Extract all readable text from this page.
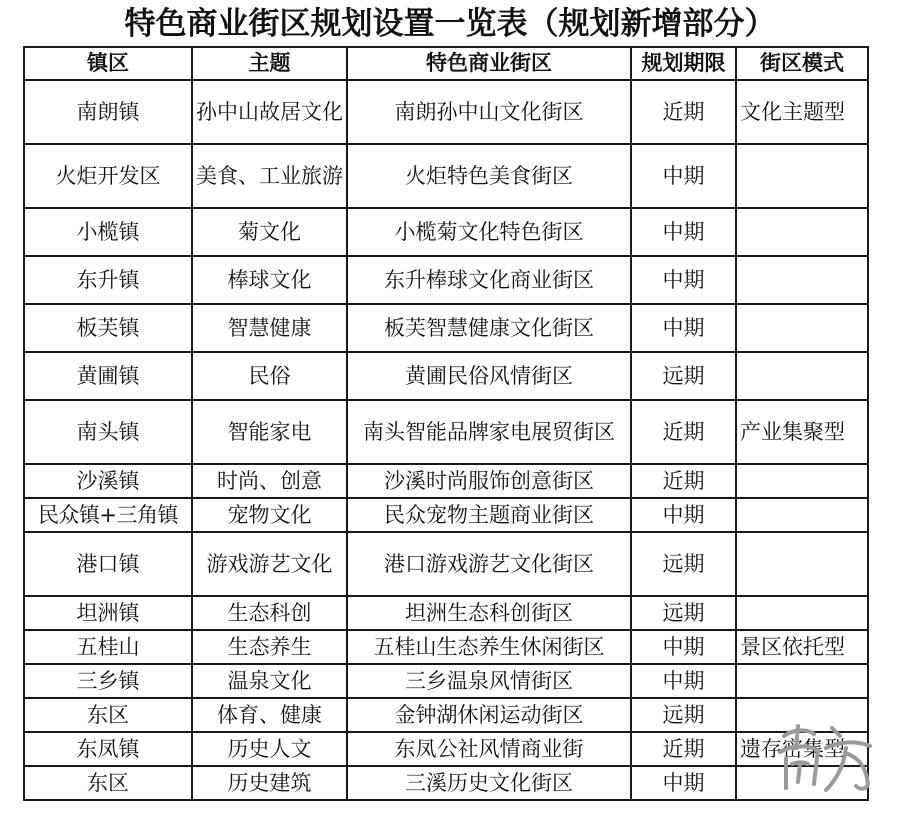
特色商业街区规划设置一览表（规划新增部分）
镇区	主题	特色商业街区	规划期限	街区模式
南朗镇	孙中山故居文化	南朗孙中山文化街区	近期	文化主题型
火炬开发区	美食、工业旅游	火炬特色美食街区	中期	
小榄镇	菊文化	小榄菊文化特色街区	中期	
东升镇	棒球文化	东升棒球文化商业街区	中期	
板芙镇	智慧健康	板芙智慧健康文化街区	中期	
黄圃镇	民俗	黄圃民俗风情街区	远期	
南头镇	智能家电	南头智能品牌家电展贸街区	近期	产业集聚型
沙溪镇	时尚、创意	沙溪时尚服饰创意街区	近期	
民众镇+三角镇	宠物文化	民众宠物主题商业街区	中期	
港口镇	游戏游艺文化	港口游戏游艺文化街区	远期	
坦洲镇	生态科创	坦洲生态科创街区	远期	
五桂山	生态养生	五桂山生态养生休闲街区	中期	景区依托型
三乡镇	温泉文化	三乡温泉风情街区	中期	
东区	体育、健康	金钟湖休闲运动街区	远期	
东凤镇	历史人文	东凤公社风情商业街	近期	遗存密集型
东区	历史建筑	三溪历史文化街区	中期	
